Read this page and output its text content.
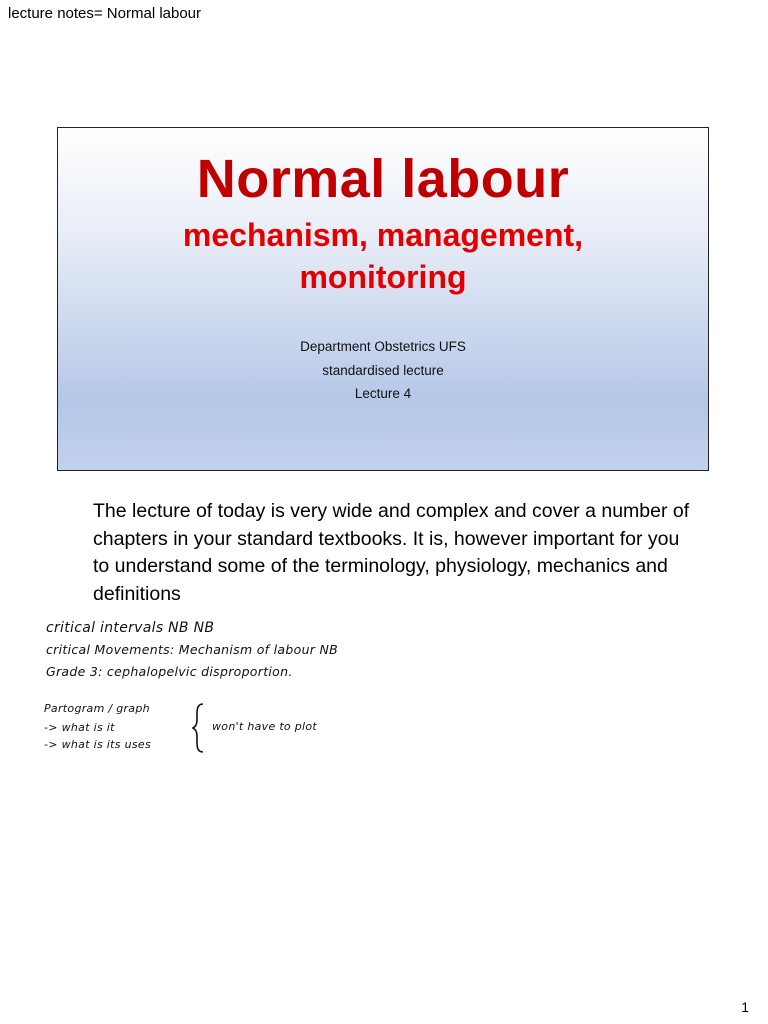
lecture notes= Normal labour
Normal labour
mechanism, management,
monitoring
Department Obstetrics UFS
standardised lecture
Lecture 4
The lecture of today is very wide and complex and cover a number of chapters in your standard textbooks. It is, however important for you to understand some of the terminology, physiology, mechanics and definitions
critical intervals NB NB
critical Movements: Mechanism of labour NB
Grade 3: cephalopelvic disproportion.
Partogram / graph
-> what is it
-> what is its uses
won't have to plot
1
